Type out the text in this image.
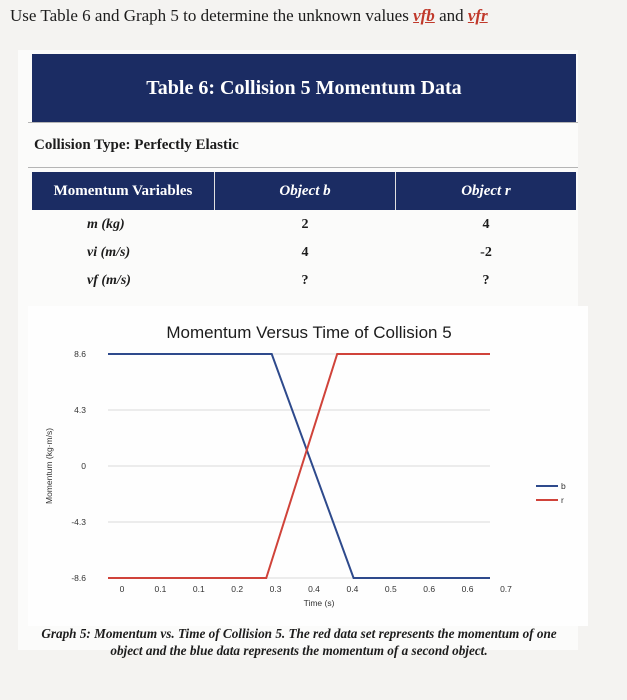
Use Table 6 and Graph 5 to determine the unknown values vfb and vfr
Table 6: Collision 5 Momentum Data
Collision Type: Perfectly Elastic
Momentum Variables	Object b	Object r
m (kg)	2	4
vi (m/s)	4	-2
vf (m/s)	?	?
Momentum Versus Time of Collision 5
8.6
4.3
0
-4.3
-8.6
0	0.1	0.1	0.2	0.3	0.4	0.4	0.5	0.6	0.6	0.7
Time (s)
Momentum (kg·m/s)	b
r
Graph 5: Momentum vs. Time of Collision 5. The red data set represents the momentum of one object and the blue data represents the momentum of a second object.
